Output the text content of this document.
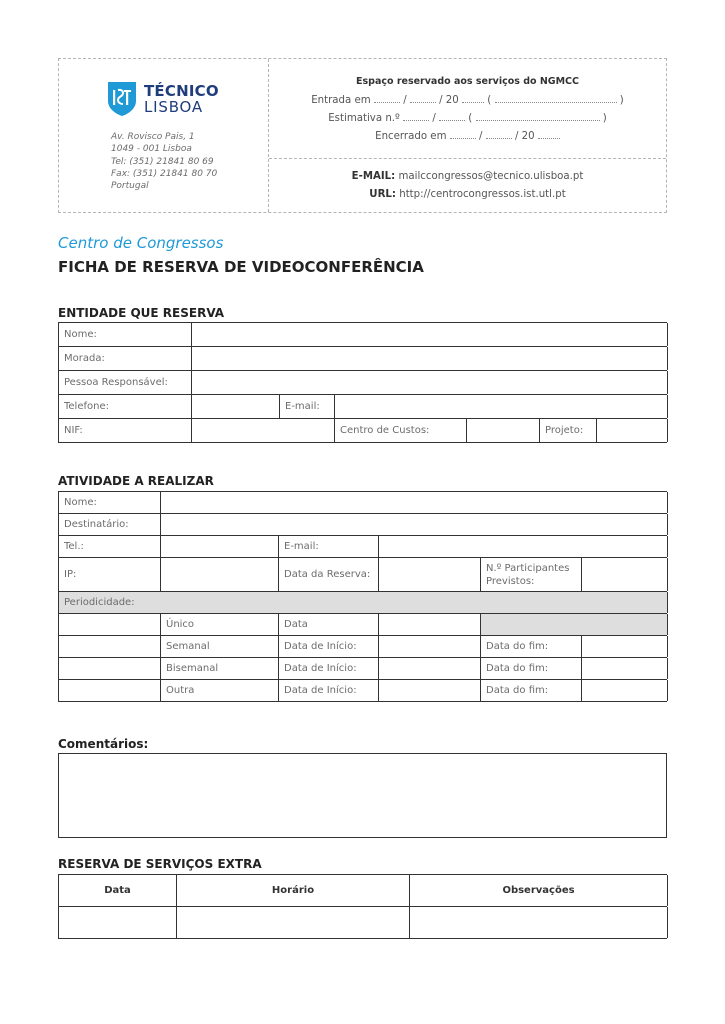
TÉCNICO
LISBOA
Av. Rovisco Pais, 1
1049 - 001 Lisboa
Tel: (351) 21841 80 69
Fax: (351) 21841 80 70
Portugal
Espaço reservado aos serviços do NGMCC
Entrada em	/	/ 20	(	)
Estimativa n.º	/	(	)
Encerrado em	/	/ 20
E-MAIL: mailccongressos@tecnico.ulisboa.pt
URL: http://centrocongressos.ist.utl.pt
Centro de Congressos
FICHA DE RESERVA DE VIDEOCONFERÊNCIA
ENTIDADE QUE RESERVA
Nome:
Morada:
Pessoa Responsável:
Telefone:	E-mail:
NIF:	Centro de Custos:	Projeto:
ATIVIDADE A REALIZAR
Nome:
Destinatário:
Tel.:	E-mail:
IP:	Data da Reserva:
N.º Participantes
Previstos:
Periodicidade:
Único	Data
Semanal	Data de Início:	Data do fim:
Bisemanal	Data de Início:	Data do fim:
Outra	Data de Início:	Data do fim:
Comentários:
RESERVA DE SERVIÇOS EXTRA
Data	Horário	Observações
